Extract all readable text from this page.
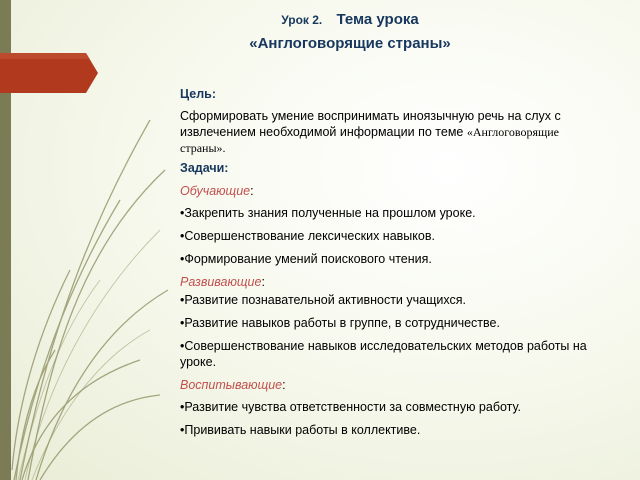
Урок 2. Тема урока
«Англоговорящие страны»

Цель:

Сформировать умение воспринимать иноязычную речь на слух с извлечением необходимой информации по теме «Англоговорящие страны».

Задачи:

Обучающие:

•Закрепить знания полученные на прошлом уроке.

•Совершенствование лексических навыков.

•Формирование умений поискового чтения.

Развивающие:

•Развитие познавательной активности учащихся.

•Развитие навыков работы в группе, в сотрудничестве.

•Совершенствование навыков исследовательских методов работы на уроке.

Воспитывающие:

•Развитие чувства ответственности за совместную работу.

•Прививать навыки работы в коллективе.
